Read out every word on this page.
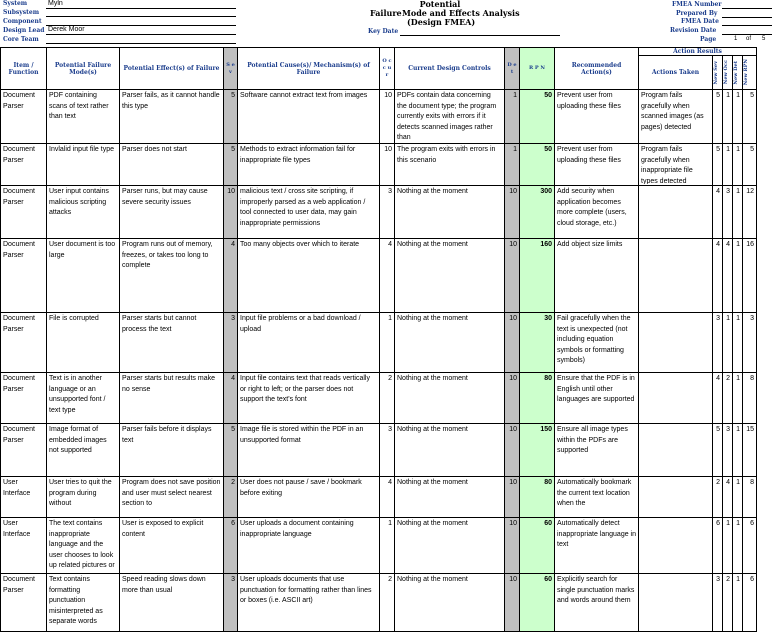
System	Myln
Subsystem
Component
Design Lead Derek Moor
Core Team
Potential
Failure Mode and Effects Analysis
(Design FMEA)
Key Date
FMEA Number
Prepared By
FMEA Date
Revision Date
Page	1 of 5
Item / Function	Potential Failure Mode(s)	Potential Effect(s) of Failure	S e v	Potential Cause(s)/ Mechanism(s) of Failure	O c c u r	Current Design Controls	D e t	R P N	Recommended Action(s)	Action Results				
										Actions Taken	New Sev	New Occ	New Det	New RPN

Document Parser	PDF containing scans of text rather than text	Parser fails, as it cannot handle this type	5	Software cannot extract text from images	10	PDFs contain data concerning the document type; the program currently exits with errors if it detects scanned images rather than	1	50	Prevent user from uploading these files	Program fails gracefully when scanned images (as pages) detected	5	1	1	5

Document Parser	Invlalid input file type	Parser does not start	5	Methods to extract information fail for inappropriate file types	10	The program exits with errors in this scenario	1	50	Prevent user from uploading these files	Program fails gracefully when inappropriate file types detected	5	1	1	5

Document Parser	User input contains malicious scripting attacks	Parser runs, but may cause severe security issues	10	malicious text / cross site scripting, if improperly parsed as a web application / tool connected to user data, may gain inappropriate permissions	3	Nothing at the moment	10	300	Add security when application becomes more complete (users, cloud storage, etc.)		4	3	1	12

Document Parser	User document is too large	Program runs out of memory, freezes, or takes too long to complete	4	Too many objects over which to iterate	4	Nothing at the moment	10	160	Add object size limits		4	4	1	16

Document Parser	File is corrupted	Parser starts but cannot process the text	3	Input file problems or a bad download / upload	1	Nothing at the moment	10	30	Fail gracefully when the text is unexpected (not including equation symbols or formatting symbols)		3	1	1	3

Document Parser	Text is in another language or an unsupported font / text type	Parser starts but results make no sense	4	Input file contains text that reads vertically or right to left; or the parser does not support the text's font	2	Nothing at the moment	10	80	Ensure that the PDF is in English until other languages are supported		4	2	1	8

Document Parser	Image format of embedded images not supported	Parser fails before it displays text	5	Image file is stored within the PDF in an unsupported format	3	Nothing at the moment	10	150	Ensure all image types within the PDFs are supported		5	3	1	15

User Interface	User tries to quit the program during without	Program does not save position and user must select nearest section to	2	User does not pause / save / bookmark before exiting	4	Nothing at the moment	10	80	Automatically bookmark the current text location when the		2	4	1	8

User Interface	The text contains inappropriate language and the user chooses to look up related pictures or	User is exposed to explicit content	6	User uploads a document containing inappropriate language	1	Nothing at the moment	10	60	Automatically detect inappropriate language in text		6	1	1	6

Document Parser	Text contains formatting punctuation misinterpreted as separate words	Speed reading slows down more than usual	3	User uploads documents that use punctuation for formatting rather than lines or boxes (i.e. ASCII art)	2	Nothing at the moment	10	60	Explicitly search for single punctuation marks and words around them		3	2	1	6
